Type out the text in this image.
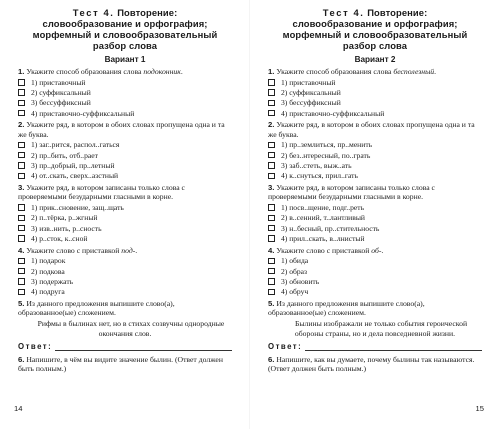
Тест 4. Повторение:
словообразование и орфография;
морфемный и словообразовательный
разбор слова
Вариант 1
1. Укажите способ образования слова подоконник.
1) приставочный
2) суффиксальный
3) бессуффиксный
4) приставочно-суффиксальный
2. Укажите ряд, в котором в обоих словах пропущена одна и та же буква.
1) заг..рится, распол..гаться
2) пр..бить, отб..рает
3) пр..добрый, пр..летный
4) от..скать, сверх..азстный
3. Укажите ряд, в котором записаны только слова с проверяемыми безударными гласными в корне.
1) прик..сновение, защ..щать
2) п..тёрка, р..жгный
3) изв..нить, р..сность
4) р..сток, к..сной
4. Укажите слово с приставкой под-.
1) подарок
2) подкова
3) подержать
4) подруга
5. Из данного предложения выпишите слово(а), образованное(ые) сложением.
Рифмы в былинах нет, но в стихах созвучны однородные окончания слов.
Ответ:
6. Напишите, в чём вы видите значение былин. (Ответ должен быть полным.)
14
Тест 4. Повторение:
словообразование и орфография;
морфемный и словообразовательный
разбор слова
Вариант 2
1. Укажите способ образования слова бесполезный.
1) приставочный
2) суффиксальный
3) бессуффиксный
4) приставочно-суффиксальный
2. Укажите ряд, в котором в обоих словах пропущена одна и та же буква.
1) пр..землиться, пр..менить
2) без..нтересный, по..грать
3) заб..стеть, выж..ать
4) к..снуться, прил..гать
3. Укажите ряд, в котором записаны только слова с проверяемыми безударными гласными в корне.
1) посв..щение, подг..реть
2) в..сенний, т..лантливый
3) н..бесный, пр..стительность
4) прил..скать, в..лнистый
4. Укажите слово с приставкой об-.
1) обида
2) образ
3) обновить
4) обруч
5. Из данного предложения выпишите слово(а), образованное(ые) сложением.
Былины изображали не только события героической обороны страны, но и дела повседневной жизни.
Ответ:
6. Напишите, как вы думаете, почему былины так называются. (Ответ должен быть полным.)
15
